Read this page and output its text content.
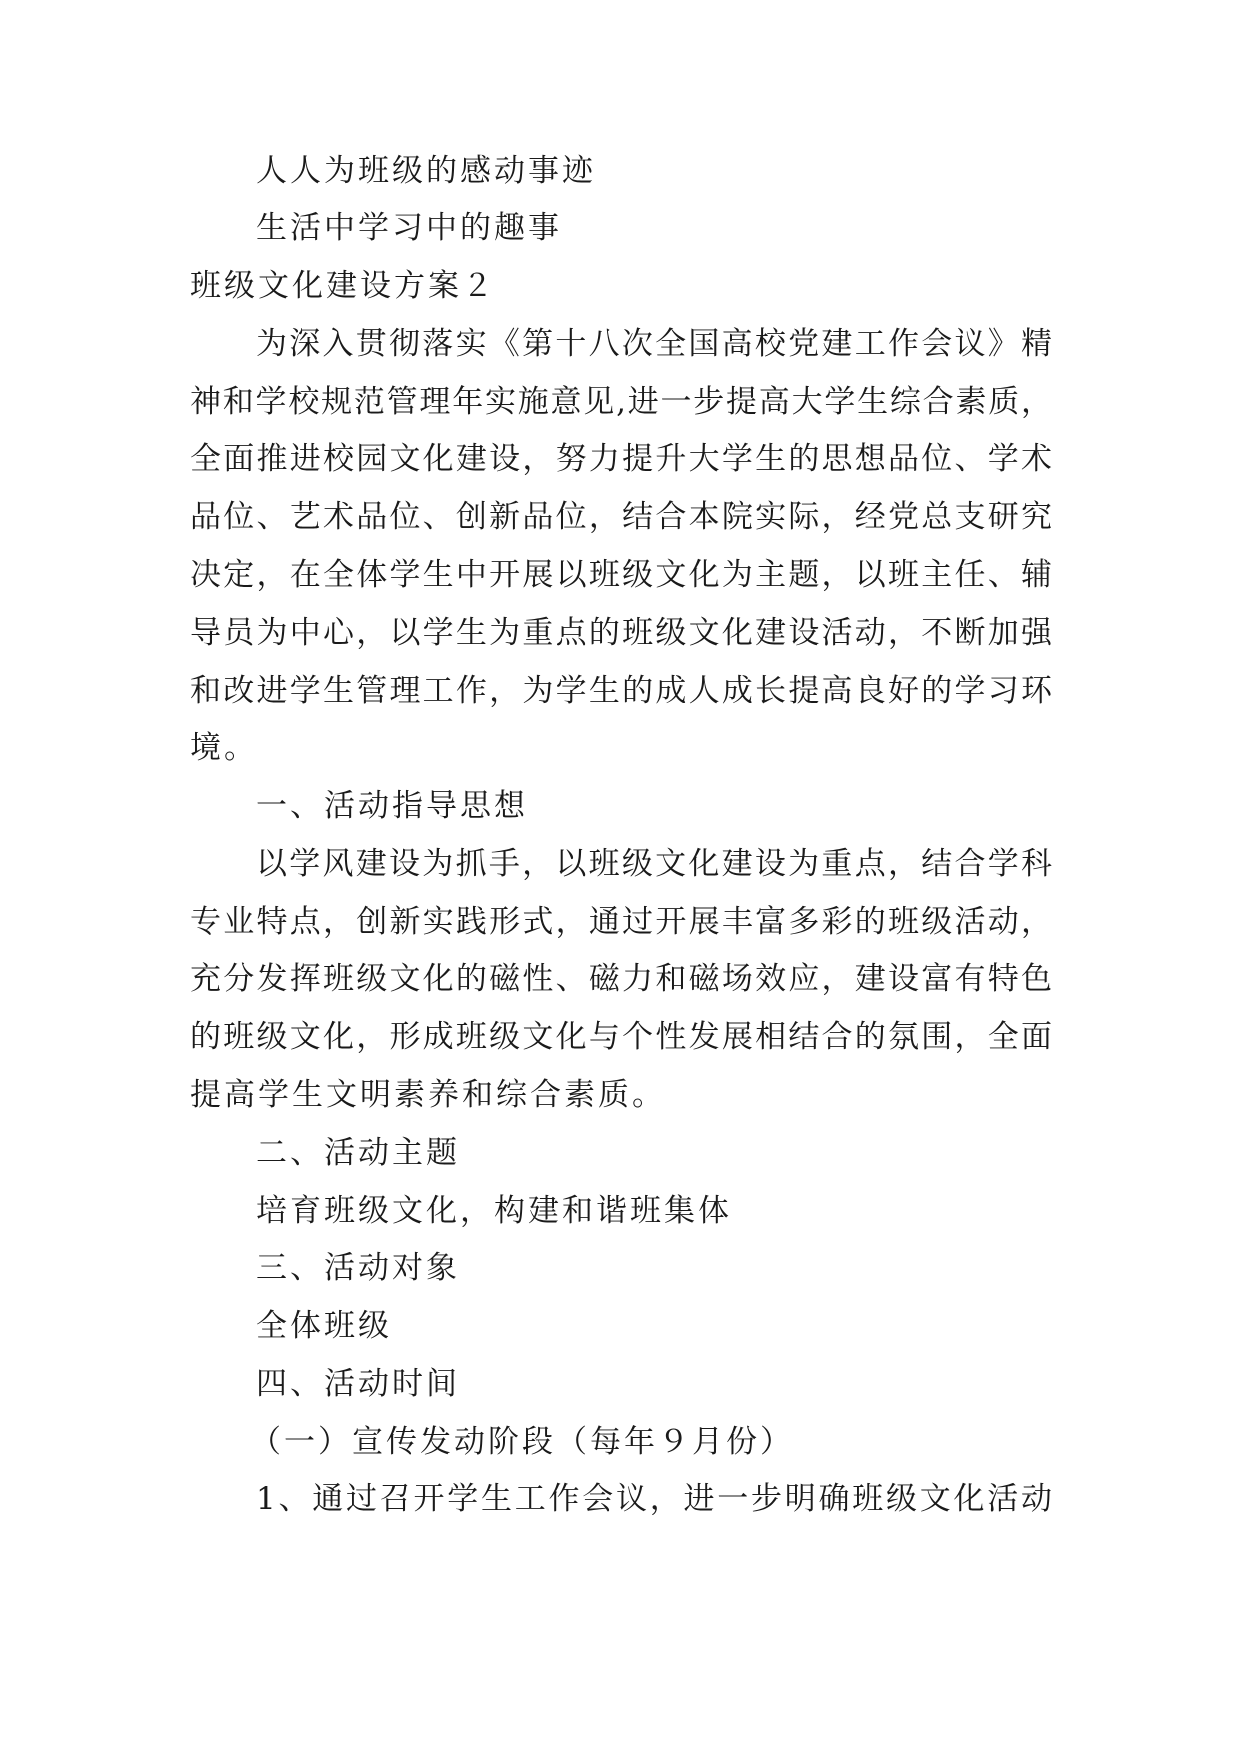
人人为班级的感动事迹
生活中学习中的趣事
班级文化建设方案２
为深入贯彻落实《第十八次全国高校党建工作会议》精
神和学校规范管理年实施意见,进一步提高大学生综合素质，
全面推进校园文化建设，努力提升大学生的思想品位、学术
品位、艺术品位、创新品位，结合本院实际，经党总支研究
决定，在全体学生中开展以班级文化为主题，以班主任、辅
导员为中心，以学生为重点的班级文化建设活动，不断加强
和改进学生管理工作，为学生的成人成长提高良好的学习环
境。
一、活动指导思想
以学风建设为抓手，以班级文化建设为重点，结合学科
专业特点，创新实践形式，通过开展丰富多彩的班级活动，
充分发挥班级文化的磁性、磁力和磁场效应，建设富有特色
的班级文化，形成班级文化与个性发展相结合的氛围，全面
提高学生文明素养和综合素质。
二、活动主题
培育班级文化，构建和谐班集体
三、活动对象
全体班级
四、活动时间
（一）宣传发动阶段（每年９月份）
1、通过召开学生工作会议，进一步明确班级文化活动
